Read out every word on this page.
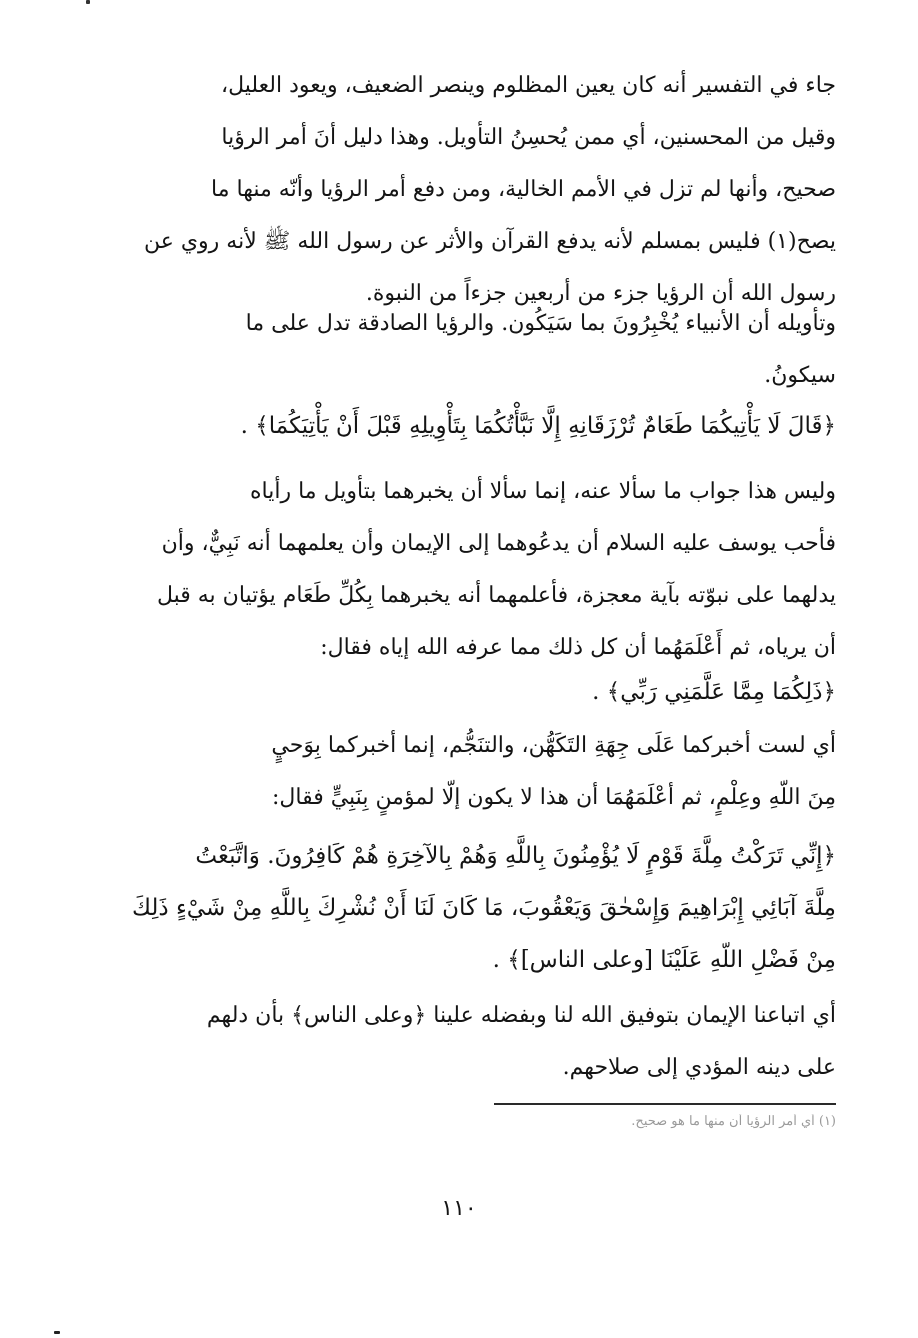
جاء في التفسير أنه كان يعين المظلوم وينصر الضعيف، ويعود العليل،
وقيل من المحسنين، أي ممن يُحسِنُ التأويل. وهذا دليل أنَ أمر الرؤيا
صحيح، وأنها لم تزل في الأمم الخالية، ومن دفع أمر الرؤيا وأنّه منها ما
يصح(١) فليس بمسلم لأنه يدفع القرآن والأثر عن رسول الله ﷺ لأنه روي عن
رسول الله أن الرؤيا جزء من أربعين جزءاً من النبوة.
وتأويله أن الأنبياء يُخْبِرُونَ بما سَيَكُون. والرؤيا الصادقة تدل على ما
سيكونُ.
﴿قَالَ لَا يَأْتِيكُمَا طَعَامٌ تُرْزَقَانِهِ إِلَّا نَبَّأْتُكُمَا بِتَأْوِيلِهِ قَبْلَ أَنْ يَأْتِيَكُمَا﴾ .
وليس هذا جواب ما سألا عنه، إنما سألا أن يخبرهما بتأويل ما رأياه
فأحب يوسف عليه السلام أن يدعُوهما إلى الإيمان وأن يعلمهما أنه نَبِيٌّ، وأن
يدلهما على نبوّته بآية معجزة، فأعلمهما أنه يخبرهما بِكُلِّ طَعَام يؤتيان به قبل
أن يرياه، ثم أَعْلَمَهُما أن كل ذلك مما عرفه الله إياه فقال:
﴿ذَلِكُمَا مِمَّا عَلَّمَنِي رَبِّي﴾ .
أي لست أخبركما عَلَى جِهَةِ التَكَهُّن، والتنَجُّم، إنما أخبركما بِوَحيٍ
مِنَ اللّهِ وعِلْمٍ، ثم أعْلَمَهُمَا أن هذا لا يكون إلّا لمؤمنٍ بِنَبِيٍّ فقال:
﴿إِنِّي تَرَكْتُ مِلَّةَ قَوْمٍ لَا يُؤْمِنُونَ بِاللَّهِ وَهُمْ بِالآخِرَةِ هُمْ كَافِرُونَ. وَاتَّبَعْتُ
مِلَّةَ آبَائِي إِبْرَاهِيمَ وَإِسْحٰقَ وَيَعْقُوبَ، مَا كَانَ لَنَا أَنْ نُشْرِكَ بِاللَّهِ مِنْ شَيْءٍ ذَلِكَ
مِنْ فَضْلِ اللّهِ عَلَيْنَا [وعلى الناس]﴾ .
أي اتباعنا الإيمان بتوفيق الله لنا وبفضله علينا ﴿وعلى الناس﴾ بأن دلهم
على دينه المؤدي إلى صلاحهم.
(١) أي أمر الرؤيا أن منها ما هو صحيح.
١١٠
